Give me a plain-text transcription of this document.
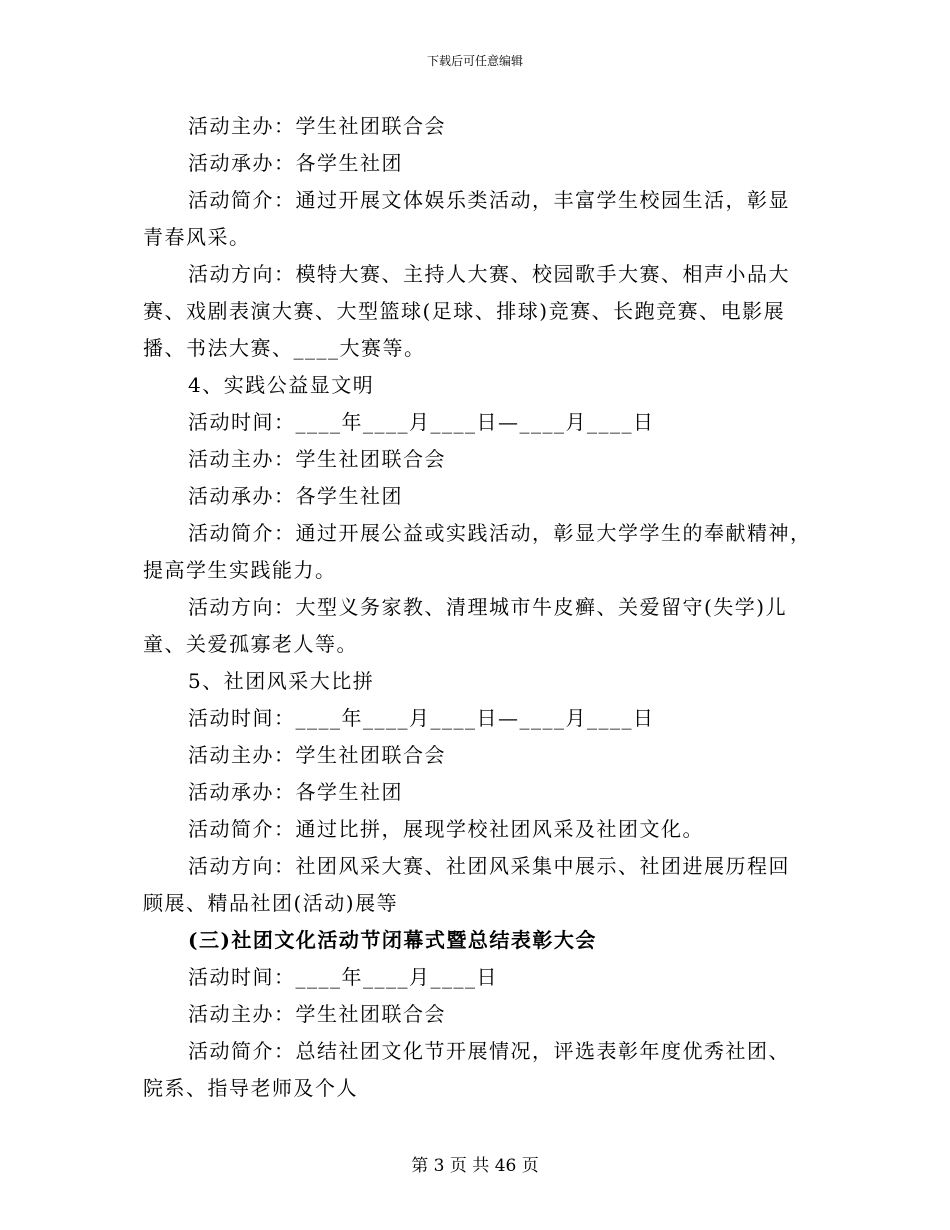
下载后可任意编辑
活动主办：学生社团联合会
活动承办：各学生社团
活动简介：通过开展文体娱乐类活动，丰富学生校园生活，彰显
青春风采。
活动方向：模特大赛、主持人大赛、校园歌手大赛、相声小品大
赛、戏剧表演大赛、大型篮球(足球、排球)竞赛、长跑竞赛、电影展
播、书法大赛、____大赛等。
4、实践公益显文明
活动时间：____年____月____日—____月____日
活动主办：学生社团联合会
活动承办：各学生社团
活动简介：通过开展公益或实践活动，彰显大学学生的奉献精神，
提高学生实践能力。
活动方向：大型义务家教、清理城市牛皮癣、关爱留守(失学)儿
童、关爱孤寡老人等。
5、社团风采大比拼
活动时间：____年____月____日—____月____日
活动主办：学生社团联合会
活动承办：各学生社团
活动简介：通过比拼，展现学校社团风采及社团文化。
活动方向：社团风采大赛、社团风采集中展示、社团进展历程回
顾展、精品社团(活动)展等
(三)社团文化活动节闭幕式暨总结表彰大会
活动时间：____年____月____日
活动主办：学生社团联合会
活动简介：总结社团文化节开展情况，评选表彰年度优秀社团、
院系、指导老师及个人
第 3 页 共 46 页
